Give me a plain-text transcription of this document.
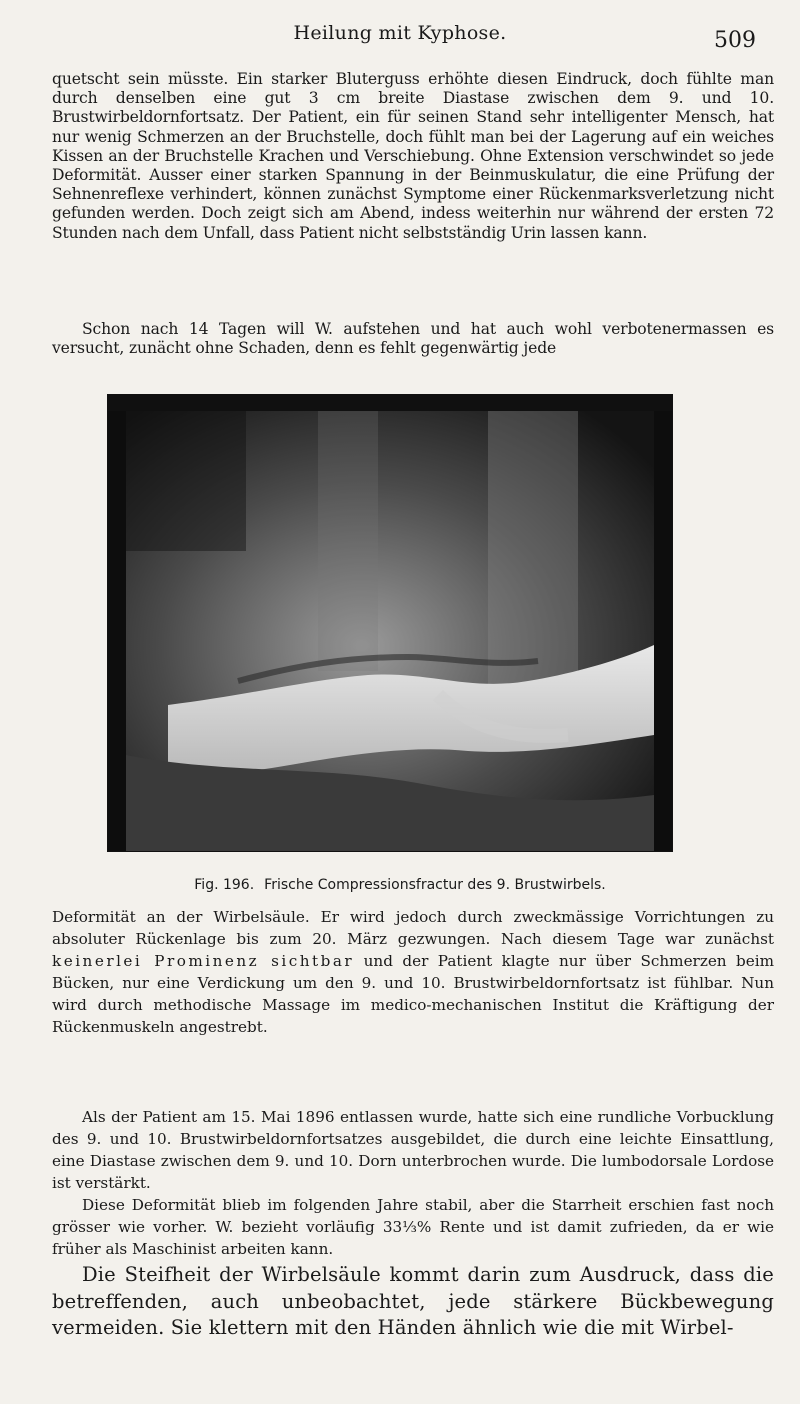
Heilung mit Kyphose.	509
quetscht sein müsste. Ein starker Bluterguss erhöhte diesen Eindruck, doch fühlte man durch denselben eine gut 3 cm breite Diastase zwischen dem 9. und 10. Brustwirbeldornfortsatz. Der Patient, ein für seinen Stand sehr intelligenter Mensch, hat nur wenig Schmerzen an der Bruchstelle, doch fühlt man bei der Lagerung auf ein weiches Kissen an der Bruchstelle Krachen und Verschiebung. Ohne Extension verschwindet so jede Deformität. Ausser einer starken Spannung in der Beinmuskulatur, die eine Prüfung der Sehnenreflexe verhindert, können zunächst Symptome einer Rückenmarksverletzung nicht gefunden werden. Doch zeigt sich am Abend, indess weiterhin nur während der ersten 72 Stunden nach dem Unfall, dass Patient nicht selbstständig Urin lassen kann.
Schon nach 14 Tagen will W. aufstehen und hat auch wohl verbotenermassen es versucht, zunächt ohne Schaden, denn es fehlt gegenwärtig jede
Fig. 196. Frische Compressionsfractur des 9. Brustwirbels.
Deformität an der Wirbelsäule. Er wird jedoch durch zweckmässige Vorrichtungen zu absoluter Rückenlage bis zum 20. März gezwungen. Nach diesem Tage war zunächst keinerlei Prominenz sichtbar und der Patient klagte nur über Schmerzen beim Bücken, nur eine Verdickung um den 9. und 10. Brustwirbeldornfortsatz ist fühlbar. Nun wird durch methodische Massage im medico-mechanischen Institut die Kräftigung der Rückenmuskeln angestrebt.
Als der Patient am 15. Mai 1896 entlassen wurde, hatte sich eine rundliche Vorbucklung des 9. und 10. Brustwirbeldornfortsatzes ausgebildet, die durch eine leichte Einsattlung, eine Diastase zwischen dem 9. und 10. Dorn unterbrochen wurde. Die lumbodorsale Lordose ist verstärkt.
Diese Deformität blieb im folgenden Jahre stabil, aber die Starrheit erschien fast noch grösser wie vorher. W. bezieht vorläufig 33⅓% Rente und ist damit zufrieden, da er wie früher als Maschinist arbeiten kann.
Die Steifheit der Wirbelsäule kommt darin zum Ausdruck, dass die betreffenden, auch unbeobachtet, jede stärkere Bückbewegung vermeiden. Sie klettern mit den Händen ähnlich wie die mit Wirbel-
